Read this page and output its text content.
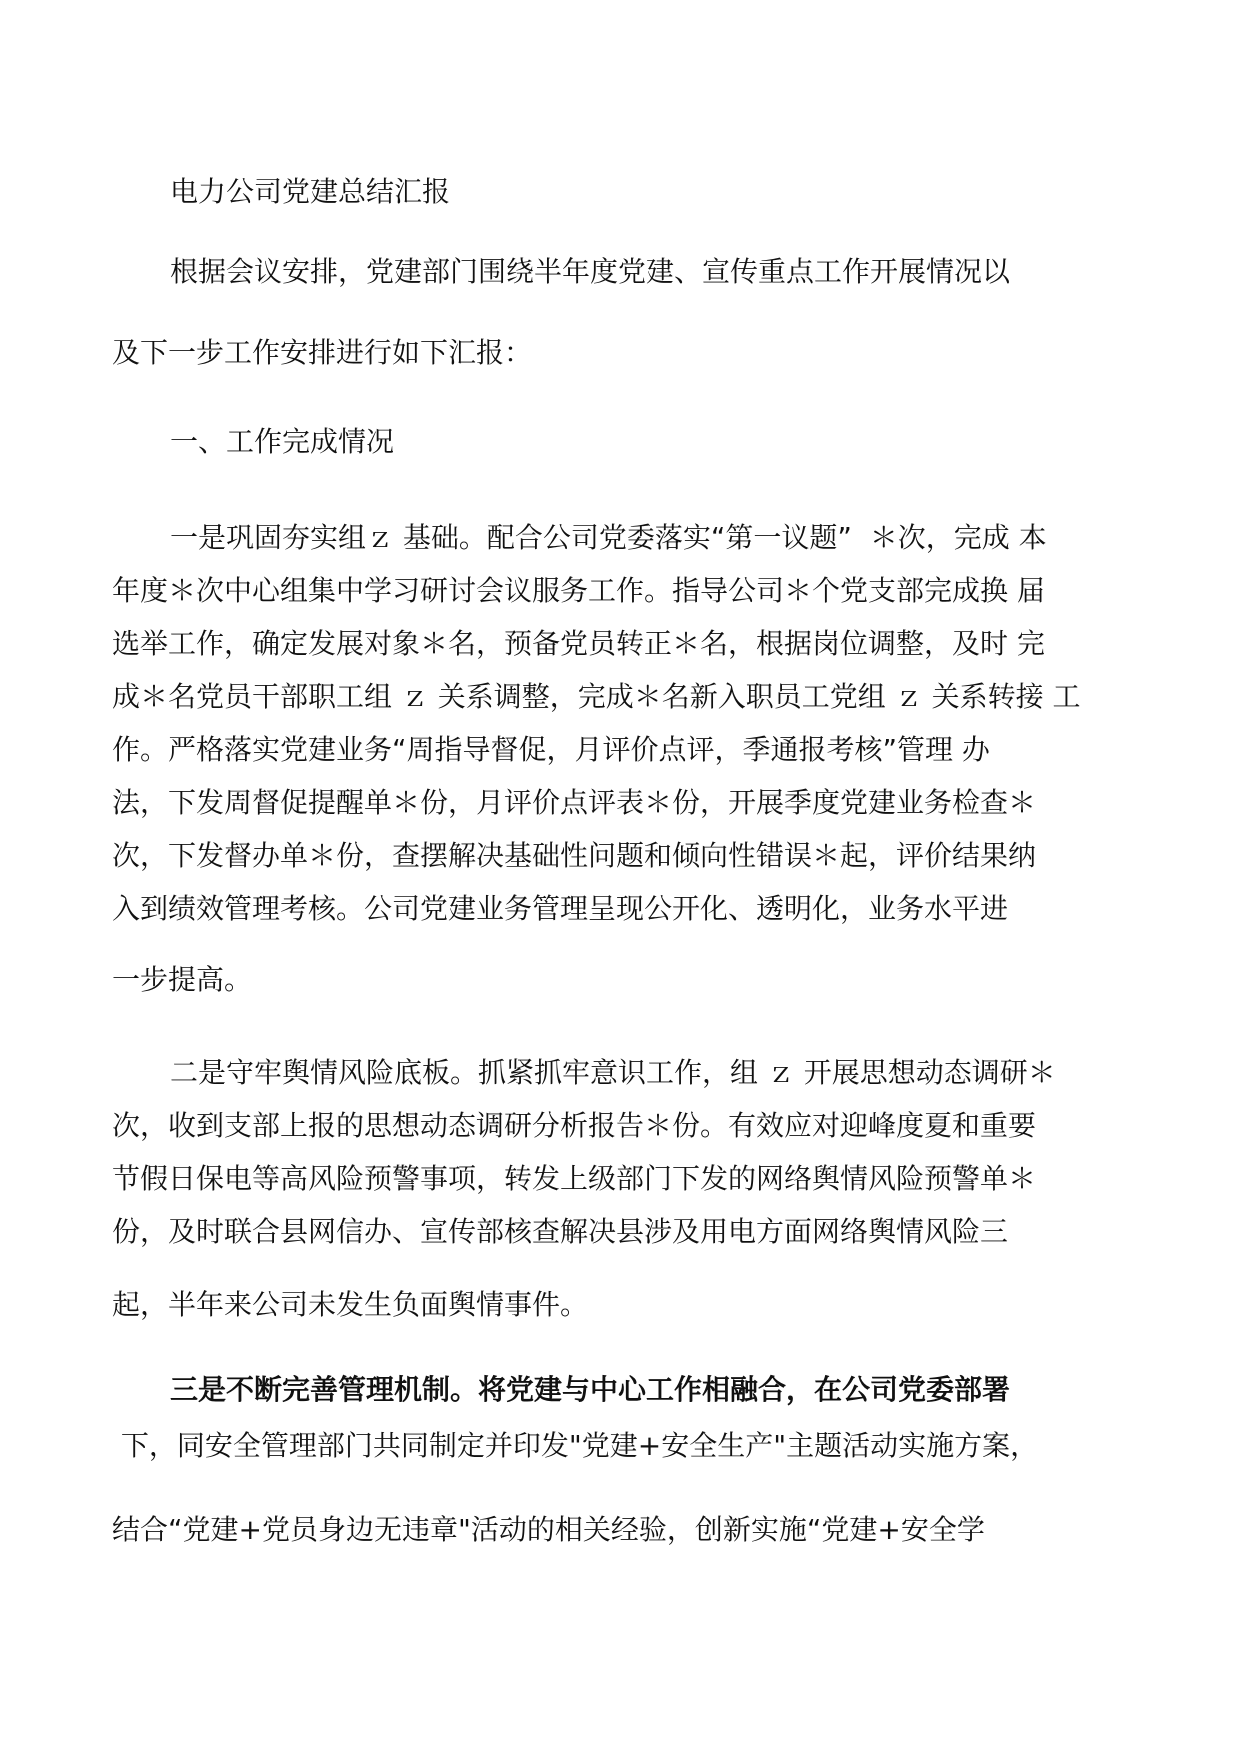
电力公司党建总结汇报
根据会议安排，党建部门围绕半年度党建、宣传重点工作开展情况以
及下一步工作安排进行如下汇报：
一、工作完成情况
一是巩固夯实组ｚ 基础。配合公司党委落实“第一议题”  ＊次，完成 本
年度＊次中心组集中学习研讨会议服务工作。指导公司＊个党支部完成换 届
选举工作，确定发展对象＊名，预备党员转正＊名，根据岗位调整，及时 完
成＊名党员干部职工组 ｚ 关系调整，完成＊名新入职员工党组 ｚ 关系转接 工
作。严格落实党建业务“周指导督促，月评价点评，季通报考核”管理 办
法，下发周督促提醒单＊份，月评价点评表＊份，开展季度党建业务检查＊
次，下发督办单＊份，查摆解决基础性问题和倾向性错误＊起，评价结果纳
入到绩效管理考核。公司党建业务管理呈现公开化、透明化，业务水平进
一步提高。
二是守牢舆情风险底板。抓紧抓牢意识工作，组 ｚ 开展思想动态调研＊
次，收到支部上报的思想动态调研分析报告＊份。有效应对迎峰度夏和重要
节假日保电等高风险预警事项，转发上级部门下发的网络舆情风险预警单＊
份，及时联合县网信办、宣传部核查解决县涉及用电方面网络舆情风险三
起，半年来公司未发生负面舆情事件。
三是不断完善管理机制。将党建与中心工作相融合，在公司党委部署
下，同安全管理部门共同制定并印发"党建+安全生产"主题活动实施方案，
结合“党建+党员身边无违章"活动的相关经验，创新实施“党建+安全学
